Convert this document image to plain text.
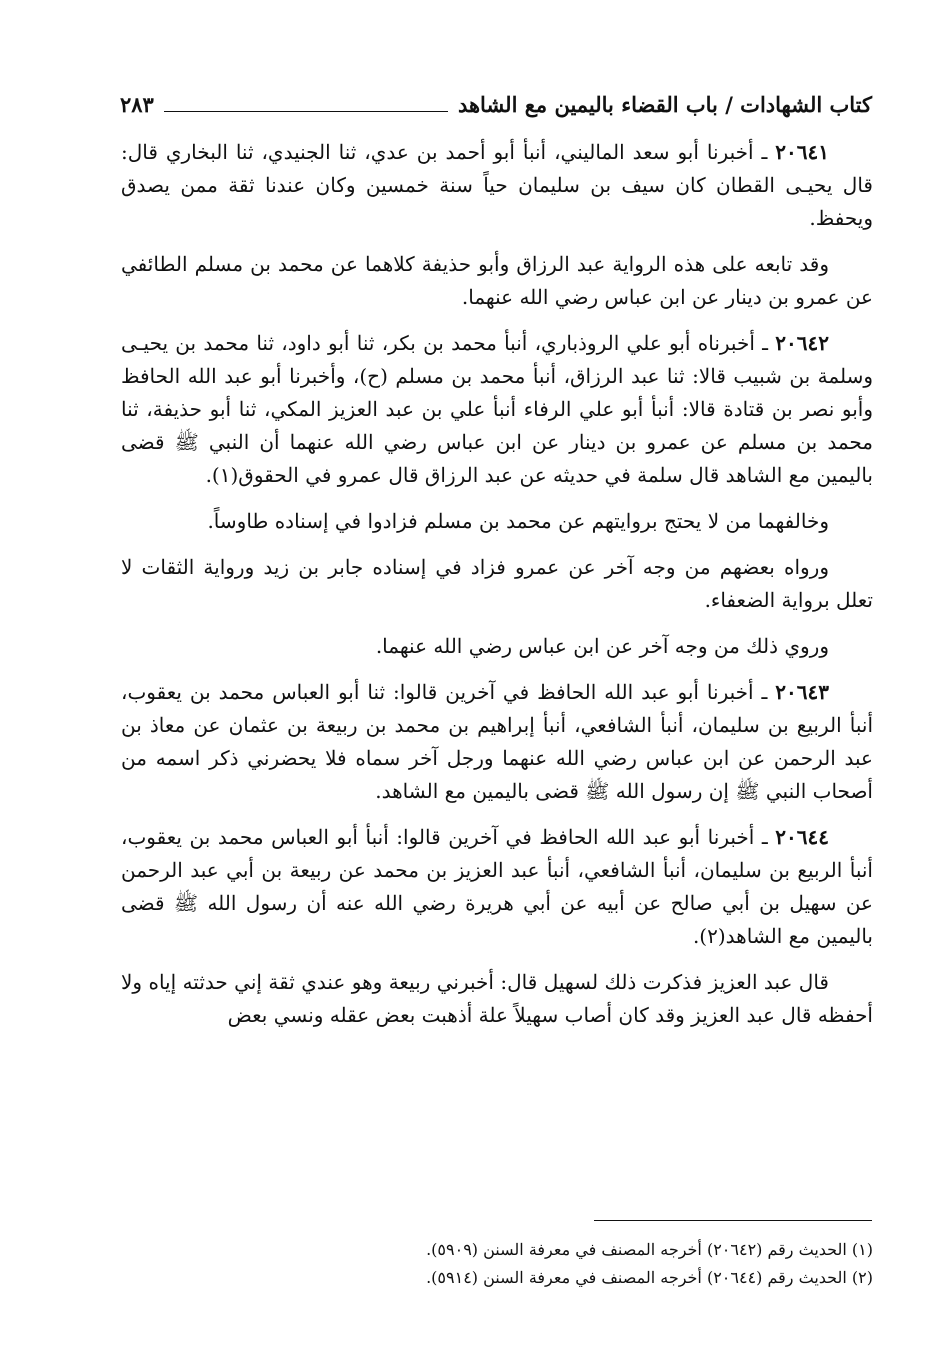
كتاب الشهادات / باب القضاء باليمين مع الشاهد
٢٨٣

٢٠٦٤١ ـ أخبرنا أبو سعد الماليني، أنبأ أبو أحمد بن عدي، ثنا الجنيدي، ثنا البخاري قال: قال يحيـى القطان كان سيف بن سليمان حياً سنة خمسين وكان عندنا ثقة ممن يصدق ويحفظ.

وقد تابعه على هذه الرواية عبد الرزاق وأبو حذيفة كلاهما عن محمد بن مسلم الطائفي عن عمرو بن دينار عن ابن عباس رضي الله عنهما.

٢٠٦٤٢ ـ أخبرناه أبو علي الروذباري، أنبأ محمد بن بكر، ثنا أبو داود، ثنا محمد بن يحيـى وسلمة بن شبيب قالا: ثنا عبد الرزاق، أنبأ محمد بن مسلم (ح)، وأخبرنا أبو عبد الله الحافظ وأبو نصر بن قتادة قالا: أنبأ أبو علي الرفاء أنبأ علي بن عبد العزيز المكي، ثنا أبو حذيفة، ثنا محمد بن مسلم عن عمرو بن دينار عن ابن عباس رضي الله عنهما أن النبي ﷺ قضى باليمين مع الشاهد قال سلمة في حديثه عن عبد الرزاق قال عمرو في الحقوق(١).

وخالفهما من لا يحتج بروايتهم عن محمد بن مسلم فزادوا في إسناده طاوساً.

ورواه بعضهم من وجه آخر عن عمرو فزاد في إسناده جابر بن زيد ورواية الثقات لا تعلل برواية الضعفاء.

وروي ذلك من وجه آخر عن ابن عباس رضي الله عنهما.

٢٠٦٤٣ ـ أخبرنا أبو عبد الله الحافظ في آخرين قالوا: ثنا أبو العباس محمد بن يعقوب، أنبأ الربيع بن سليمان، أنبأ الشافعي، أنبأ إبراهيم بن محمد بن ربيعة بن عثمان عن معاذ بن عبد الرحمن عن ابن عباس رضي الله عنهما ورجل آخر سماه فلا يحضرني ذكر اسمه من أصحاب النبي ﷺ إن رسول الله ﷺ قضى باليمين مع الشاهد.

٢٠٦٤٤ ـ أخبرنا أبو عبد الله الحافظ في آخرين قالوا: أنبأ أبو العباس محمد بن يعقوب، أنبأ الربيع بن سليمان، أنبأ الشافعي، أنبأ عبد العزيز بن محمد عن ربيعة بن أبي عبد الرحمن عن سهيل بن أبي صالح عن أبيه عن أبي هريرة رضي الله عنه أن رسول الله ﷺ قضى باليمين مع الشاهد(٢).

قال عبد العزيز فذكرت ذلك لسهيل قال: أخبرني ربيعة وهو عندي ثقة إني حدثته إياه ولا أحفظه قال عبد العزيز وقد كان أصاب سهيلاً علة أذهبت بعض عقله ونسي بعض

(١) الحديث رقم (٢٠٦٤٢) أخرجه المصنف في معرفة السنن (٥٩٠٩).

(٢) الحديث رقم (٢٠٦٤٤) أخرجه المصنف في معرفة السنن (٥٩١٤).
